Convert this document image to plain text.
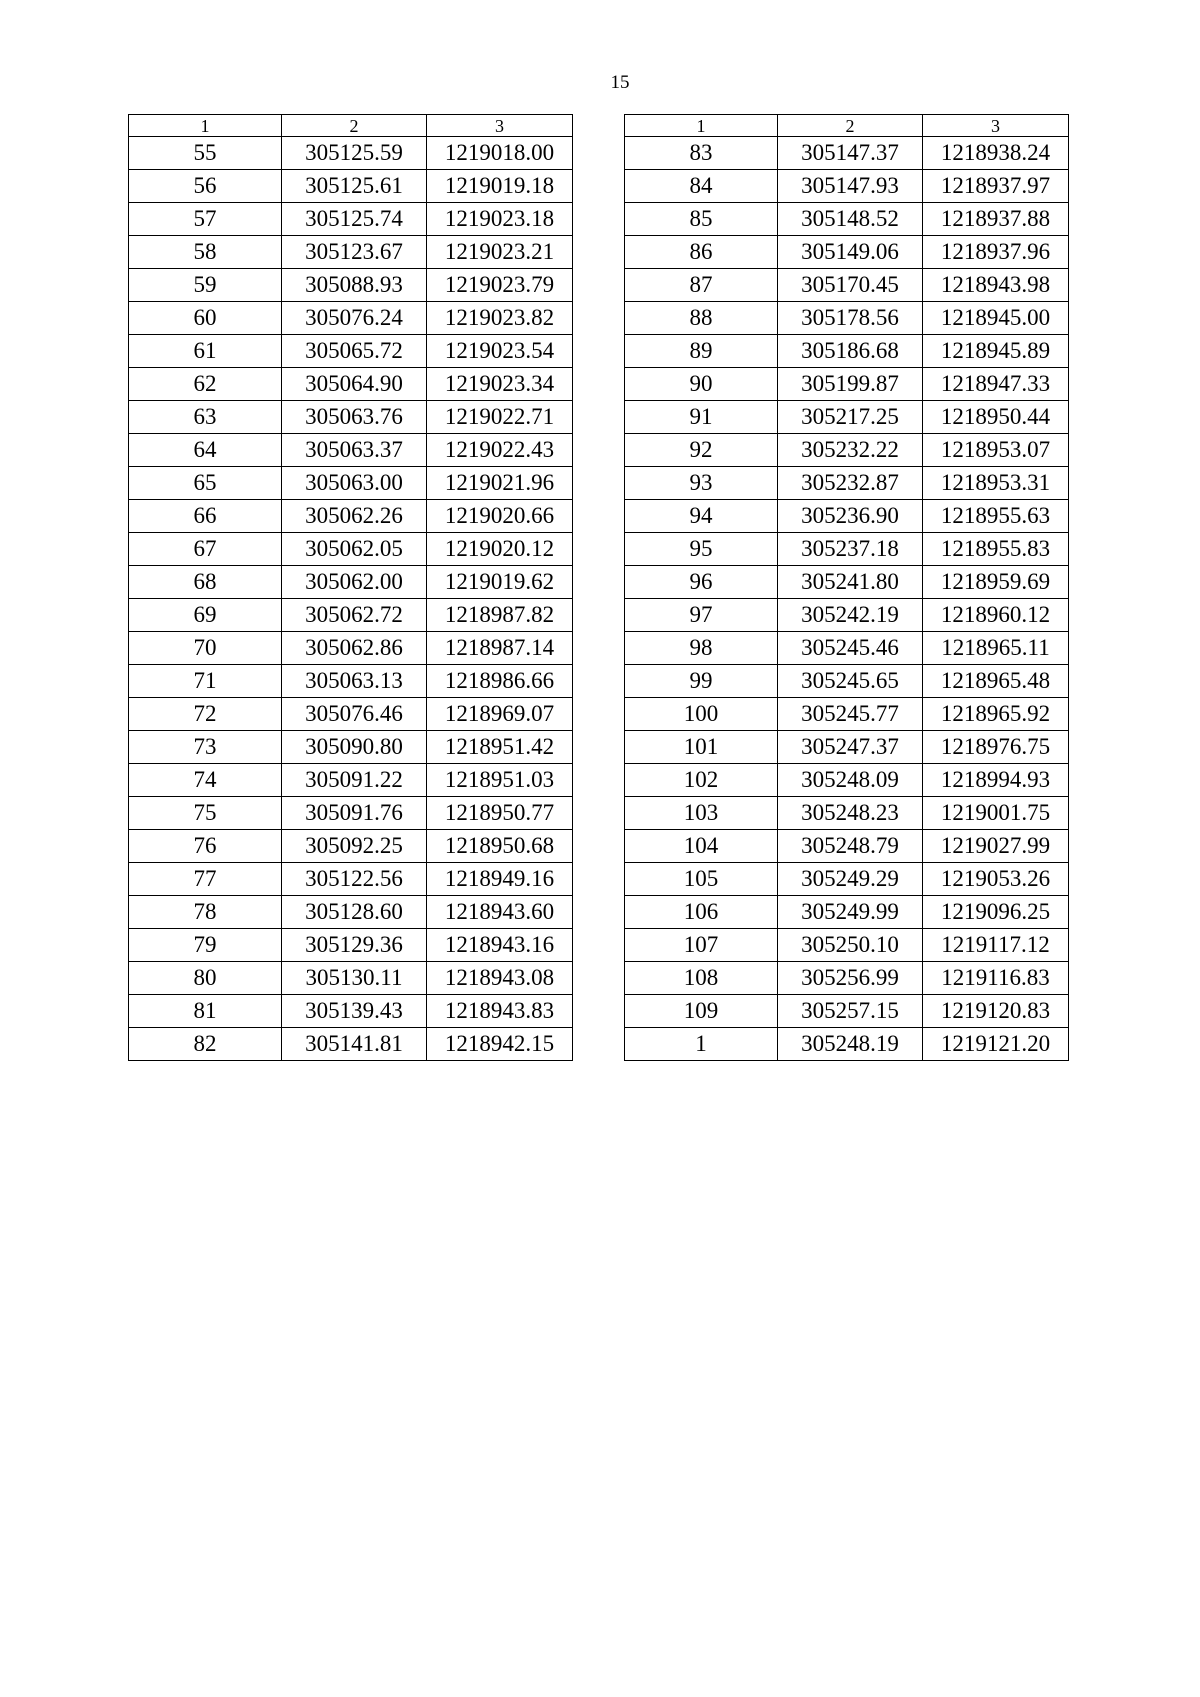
15
1	2	3
55	305125.59	1219018.00
56	305125.61	1219019.18
57	305125.74	1219023.18
58	305123.67	1219023.21
59	305088.93	1219023.79
60	305076.24	1219023.82
61	305065.72	1219023.54
62	305064.90	1219023.34
63	305063.76	1219022.71
64	305063.37	1219022.43
65	305063.00	1219021.96
66	305062.26	1219020.66
67	305062.05	1219020.12
68	305062.00	1219019.62
69	305062.72	1218987.82
70	305062.86	1218987.14
71	305063.13	1218986.66
72	305076.46	1218969.07
73	305090.80	1218951.42
74	305091.22	1218951.03
75	305091.76	1218950.77
76	305092.25	1218950.68
77	305122.56	1218949.16
78	305128.60	1218943.60
79	305129.36	1218943.16
80	305130.11	1218943.08
81	305139.43	1218943.83
82	305141.81	1218942.15
1	2	3
83	305147.37	1218938.24
84	305147.93	1218937.97
85	305148.52	1218937.88
86	305149.06	1218937.96
87	305170.45	1218943.98
88	305178.56	1218945.00
89	305186.68	1218945.89
90	305199.87	1218947.33
91	305217.25	1218950.44
92	305232.22	1218953.07
93	305232.87	1218953.31
94	305236.90	1218955.63
95	305237.18	1218955.83
96	305241.80	1218959.69
97	305242.19	1218960.12
98	305245.46	1218965.11
99	305245.65	1218965.48
100	305245.77	1218965.92
101	305247.37	1218976.75
102	305248.09	1218994.93
103	305248.23	1219001.75
104	305248.79	1219027.99
105	305249.29	1219053.26
106	305249.99	1219096.25
107	305250.10	1219117.12
108	305256.99	1219116.83
109	305257.15	1219120.83
1	305248.19	1219121.20
